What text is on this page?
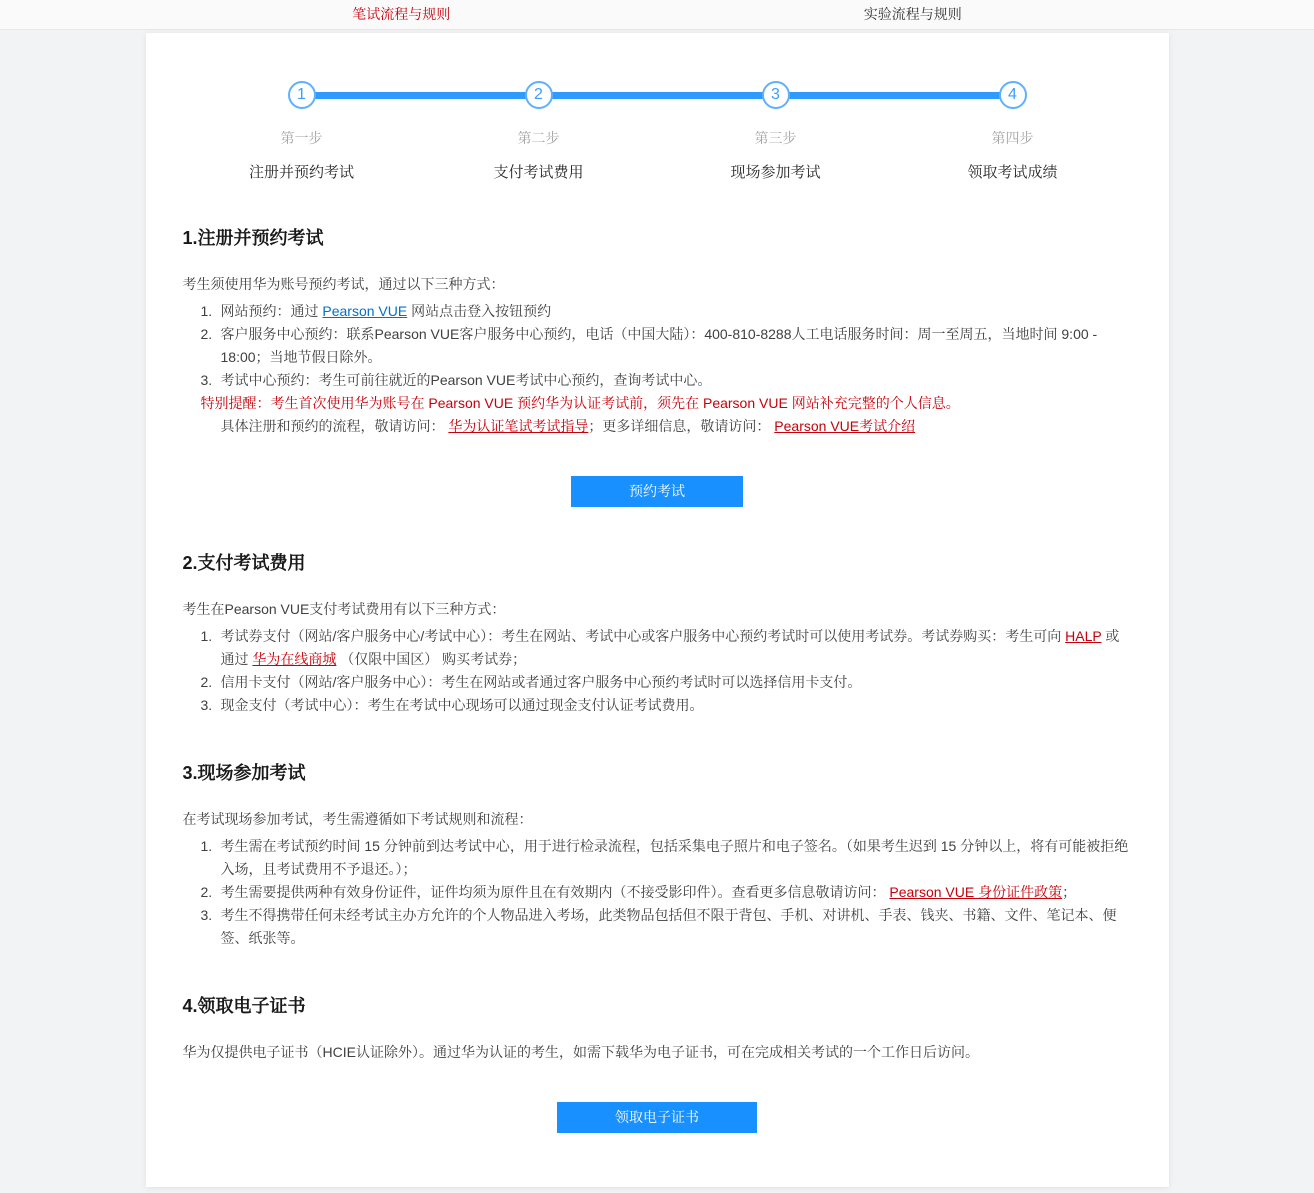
笔试流程与规则	实验流程与规则
1
第一步
注册并预约考试
2
第二步
支付考试费用
3
第三步
现场参加考试
4
第四步
领取考试成绩
1.注册并预约考试
考生须使用华为账号预约考试，通过以下三种方式：
1. 网站预约：通过 Pearson VUE 网站点击登入按钮预约
2. 客户服务中心预约：联系Pearson VUE客户服务中心预约，电话（中国大陆）：400-810-8288人工电话服务时间：周一至周五，当地时间 9:00 - 18:00；当地节假日除外。
3. 考试中心预约：考生可前往就近的Pearson VUE考试中心预约，查询考试中心。
特别提醒：考生首次使用华为账号在 Pearson VUE 预约华为认证考试前，须先在 Pearson VUE 网站补充完整的个人信息。
具体注册和预约的流程，敬请访问： 华为认证笔试考试指导；更多详细信息，敬请访问： Pearson VUE考试介绍
预约考试
2.支付考试费用
考生在Pearson VUE支付考试费用有以下三种方式：
1. 考试券支付（网站/客户服务中心/考试中心）：考生在网站、考试中心或客户服务中心预约考试时可以使用考试券。考试券购买：考生可向 HALP 或通过 华为在线商城 （仅限中国区） 购买考试券；
2. 信用卡支付（网站/客户服务中心）：考生在网站或者通过客户服务中心预约考试时可以选择信用卡支付。
3. 现金支付（考试中心）：考生在考试中心现场可以通过现金支付认证考试费用。
3.现场参加考试
在考试现场参加考试，考生需遵循如下考试规则和流程：
1. 考生需在考试预约时间 15 分钟前到达考试中心，用于进行检录流程，包括采集电子照片和电子签名。（如果考生迟到 15 分钟以上，将有可能被拒绝入场，且考试费用不予退还。）；
2. 考生需要提供两种有效身份证件，证件均须为原件且在有效期内（不接受影印件）。查看更多信息敬请访问： Pearson VUE 身份证件政策；
3. 考生不得携带任何未经考试主办方允许的个人物品进入考场，此类物品包括但不限于背包、手机、对讲机、手表、钱夹、书籍、文件、笔记本、便签、纸张等。
4.领取电子证书
华为仅提供电子证书（HCIE认证除外）。通过华为认证的考生，如需下载华为电子证书，可在完成相关考试的一个工作日后访问。
领取电子证书
